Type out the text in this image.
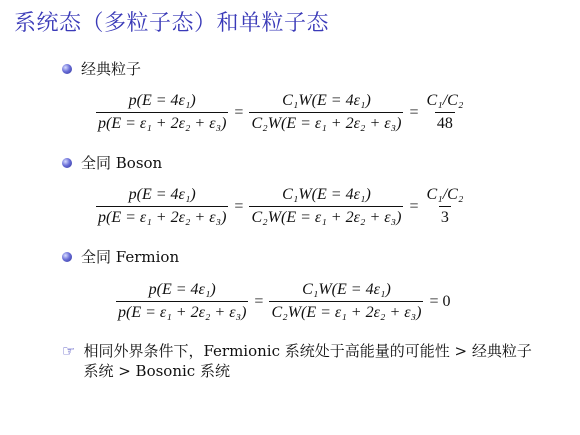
系统态（多粒子态）和单粒子态
经典粒子
$\frac{\text{p(E = 4ε₁)}}{\text{p(E = ε₁ + 2ε₂ + ε₃)}} = \frac{\text{C₁W(E = 4ε₁)}}{\text{C₂W(E = ε₁ + 2ε₂ + ε₃)}} = \frac{\text{C₁/C₂}}{48}$
全同 Boson
$\frac{\text{p(E = 4ε₁)}}{\text{p(E = ε₁ + 2ε₂ + ε₃)}} = \frac{\text{C₁W(E = 4ε₁)}}{\text{C₂W(E = ε₁ + 2ε₂ + ε₃)}} = \frac{\text{C₁/C₂}}{3}$
全同 Fermion
$\frac{\text{p(E = 4ε₁)}}{\text{p(E = ε₁ + 2ε₂ + ε₃)}} = \frac{\text{C₁W(E = 4ε₁)}}{\text{C₂W(E = ε₁ + 2ε₂ + ε₃)}} = 0$
☞ 相同外界条件下，Fermionic 系统处于高能量的可能性 > 经典粒子系统 > Bosonic 系统
